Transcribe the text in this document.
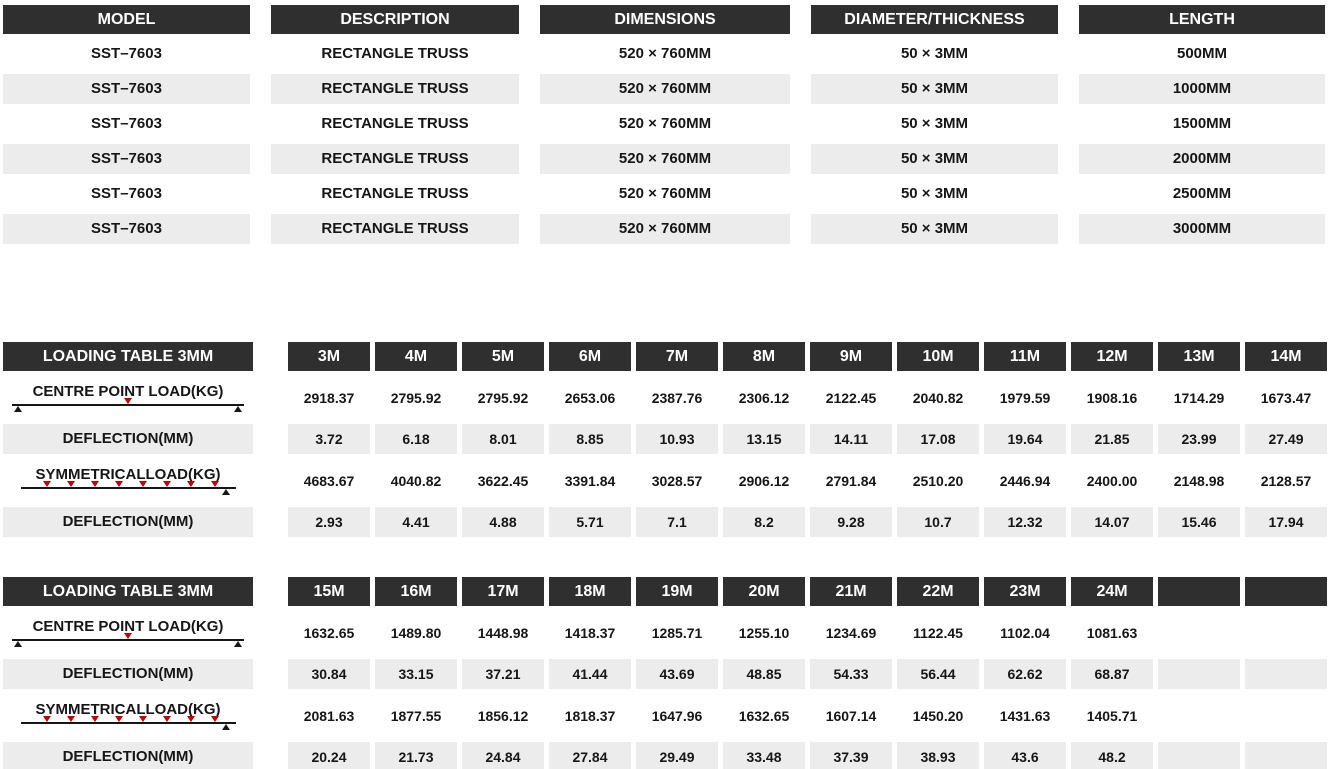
MODEL	DESCRIPTION	DIMENSIONS	DIAMETER/THICKNESS	LENGTH
SST–7603	RECTANGLE TRUSS	520 × 760MM	50 × 3MM	500MM
SST–7603	RECTANGLE TRUSS	520 × 760MM	50 × 3MM	1000MM
SST–7603	RECTANGLE TRUSS	520 × 760MM	50 × 3MM	1500MM
SST–7603	RECTANGLE TRUSS	520 × 760MM	50 × 3MM	2000MM
SST–7603	RECTANGLE TRUSS	520 × 760MM	50 × 3MM	2500MM
SST–7603	RECTANGLE TRUSS	520 × 760MM	50 × 3MM	3000MM
LOADING TABLE 3MM	3M	4M	5M	6M	7M	8M	9M	10M	11M	12M	13M	14M
CENTRE POINT LOAD(KG)	2918.37	2795.92	2795.92	2653.06	2387.76	2306.12	2122.45	2040.82	1979.59	1908.16	1714.29	1673.47
DEFLECTION(MM)	3.72	6.18	8.01	8.85	10.93	13.15	14.11	17.08	19.64	21.85	23.99	27.49
SYMMETRICALLOAD(KG)	4683.67	4040.82	3622.45	3391.84	3028.57	2906.12	2791.84	2510.20	2446.94	2400.00	2148.98	2128.57
DEFLECTION(MM)	2.93	4.41	4.88	5.71	7.1	8.2	9.28	10.7	12.32	14.07	15.46	17.94
LOADING TABLE 3MM	15M	16M	17M	18M	19M	20M	21M	22M	23M	24M
CENTRE POINT LOAD(KG)	1632.65	1489.80	1448.98	1418.37	1285.71	1255.10	1234.69	1122.45	1102.04	1081.63
DEFLECTION(MM)	30.84	33.15	37.21	41.44	43.69	48.85	54.33	56.44	62.62	68.87
SYMMETRICALLOAD(KG)	2081.63	1877.55	1856.12	1818.37	1647.96	1632.65	1607.14	1450.20	1431.63	1405.71
DEFLECTION(MM)	20.24	21.73	24.84	27.84	29.49	33.48	37.39	38.93	43.6	48.2
